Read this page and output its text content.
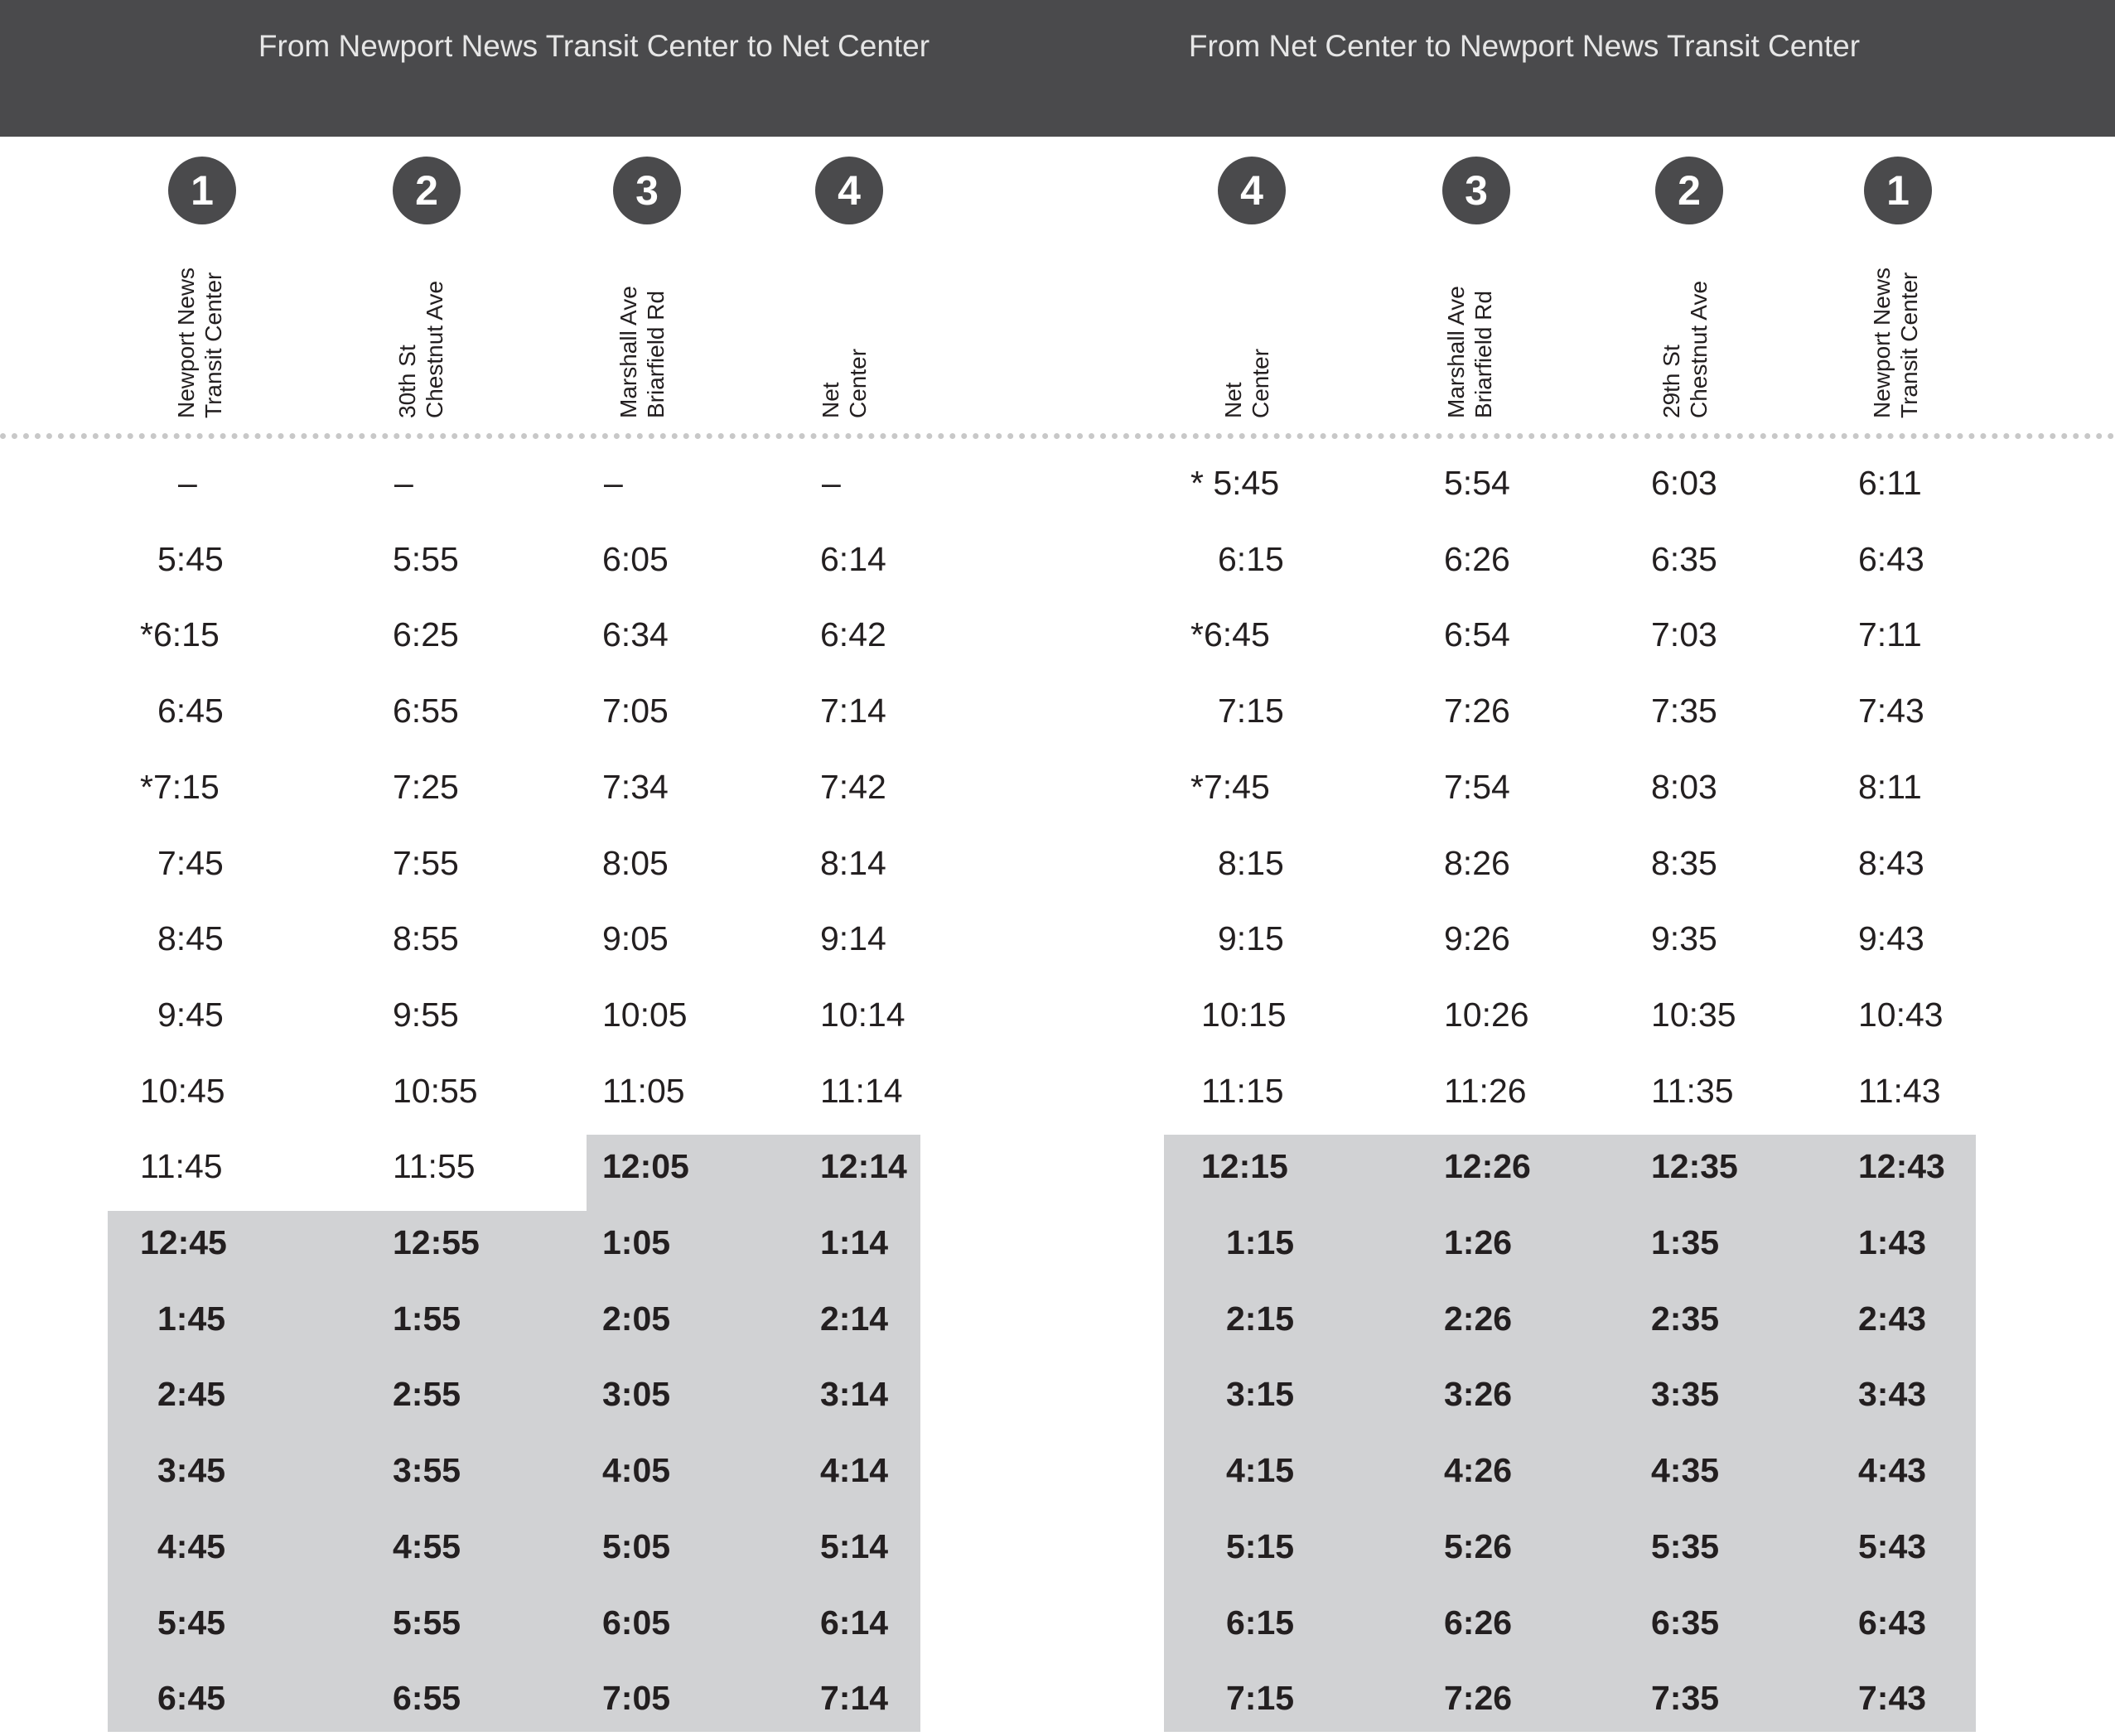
From Newport News Transit Center to Net Center	From Net Center to Newport News Transit Center
1
Newport News Transit Center
2
30th St Chestnut Ave
3
Marshall Ave Briarfield Rd
4
Net Center
4
Net Center
3
Marshall Ave Briarfield Rd
2
29th St Chestnut Ave
1
Newport News Transit Center
–	–	–	–
5:45	5:55	6:05	6:14
*6:15	6:25	6:34	6:42
6:45	6:55	7:05	7:14
*7:15	7:25	7:34	7:42
7:45	7:55	8:05	8:14
8:45	8:55	9:05	9:14
9:45	9:55	10:05	10:14
10:45	10:55	11:05	11:14
11:45	11:55	12:05	12:14
12:45	12:55	1:05	1:14
1:45	1:55	2:05	2:14
2:45	2:55	3:05	3:14
3:45	3:55	4:05	4:14
4:45	4:55	5:05	5:14
5:45	5:55	6:05	6:14
6:45	6:55	7:05	7:14
* 5:45	5:54	6:03	6:11
6:15	6:26	6:35	6:43
*6:45	6:54	7:03	7:11
7:15	7:26	7:35	7:43
*7:45	7:54	8:03	8:11
8:15	8:26	8:35	8:43
9:15	9:26	9:35	9:43
10:15	10:26	10:35	10:43
11:15	11:26	11:35	11:43
12:15	12:26	12:35	12:43
1:15	1:26	1:35	1:43
2:15	2:26	2:35	2:43
3:15	3:26	3:35	3:43
4:15	4:26	4:35	4:43
5:15	5:26	5:35	5:43
6:15	6:26	6:35	6:43
7:15	7:26	7:35	7:43
